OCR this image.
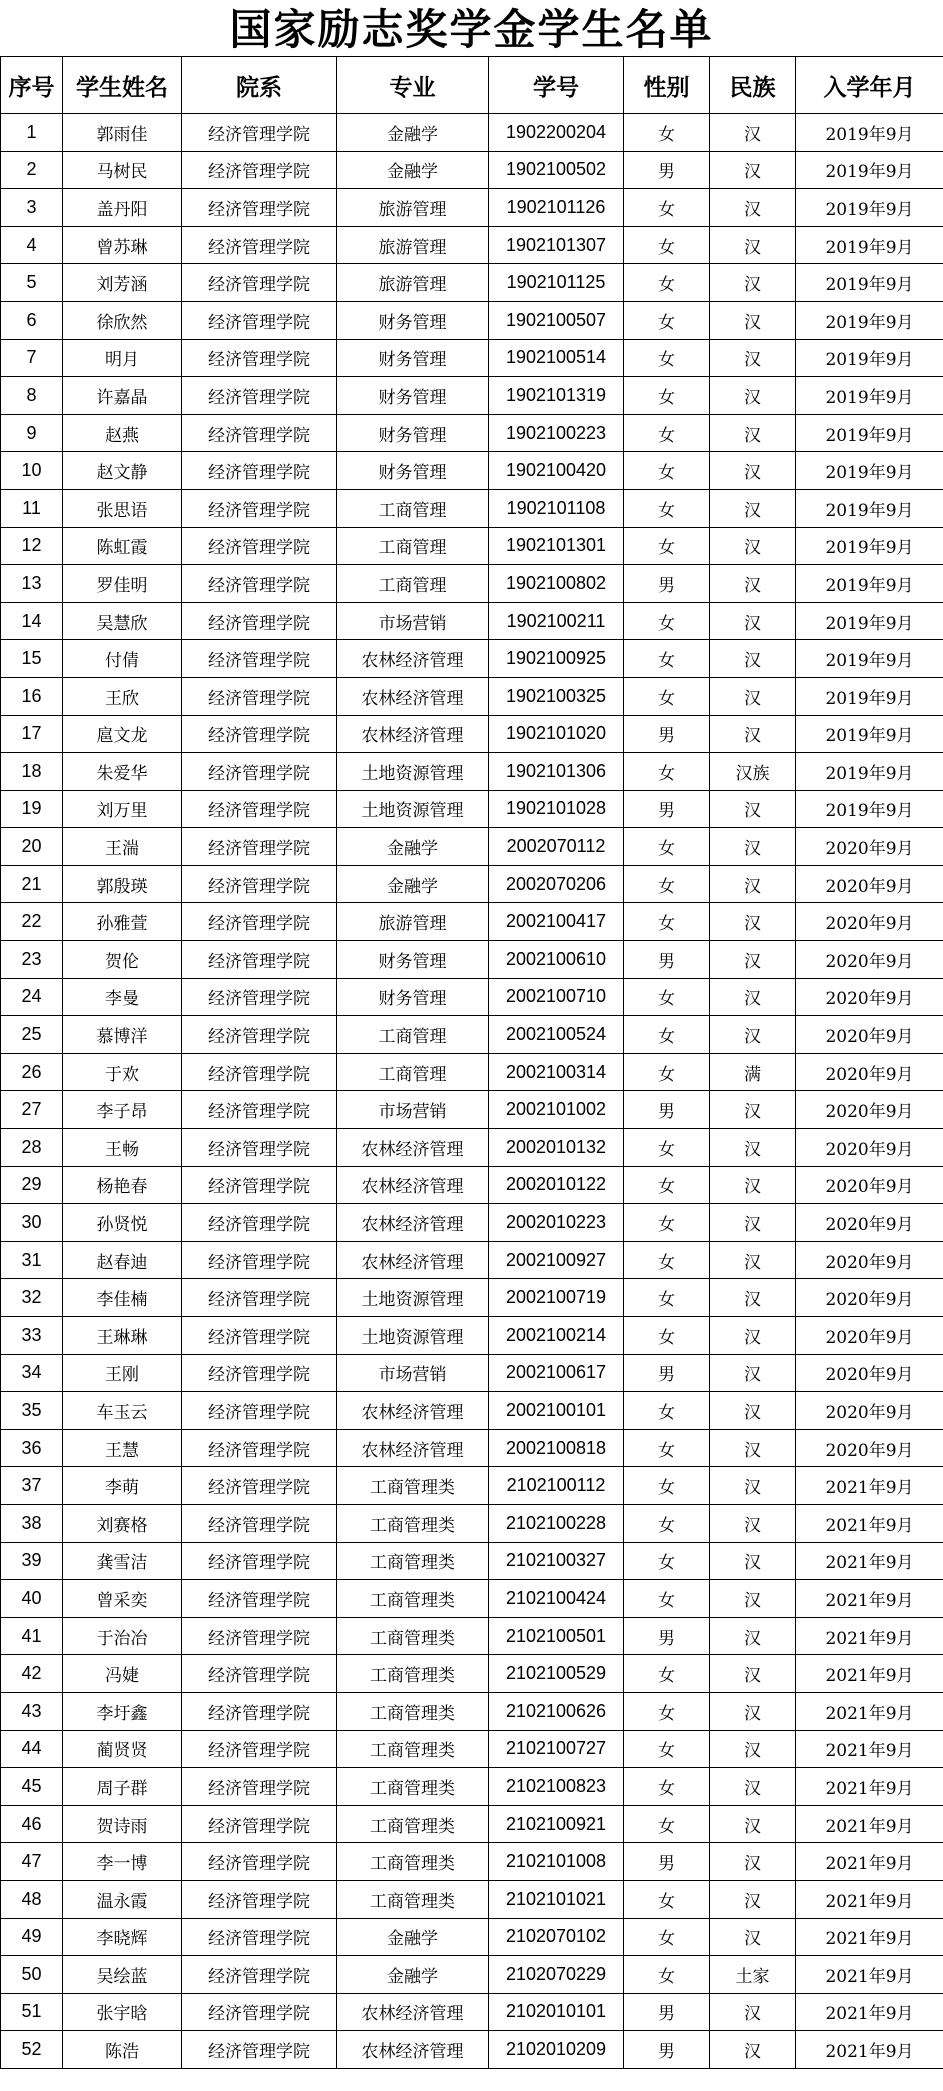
国家励志奖学金学生名单
序号	学生姓名	院系	专业	学号	性别	民族	入学年月
1	郭雨佳	经济管理学院	金融学	1902200204	女	汉	2019年9月
2	马树民	经济管理学院	金融学	1902100502	男	汉	2019年9月
3	盖丹阳	经济管理学院	旅游管理	1902101126	女	汉	2019年9月
4	曾苏琳	经济管理学院	旅游管理	1902101307	女	汉	2019年9月
5	刘芳涵	经济管理学院	旅游管理	1902101125	女	汉	2019年9月
6	徐欣然	经济管理学院	财务管理	1902100507	女	汉	2019年9月
7	明月	经济管理学院	财务管理	1902100514	女	汉	2019年9月
8	许嘉晶	经济管理学院	财务管理	1902101319	女	汉	2019年9月
9	赵燕	经济管理学院	财务管理	1902100223	女	汉	2019年9月
10	赵文静	经济管理学院	财务管理	1902100420	女	汉	2019年9月
11	张思语	经济管理学院	工商管理	1902101108	女	汉	2019年9月
12	陈虹霞	经济管理学院	工商管理	1902101301	女	汉	2019年9月
13	罗佳明	经济管理学院	工商管理	1902100802	男	汉	2019年9月
14	吴慧欣	经济管理学院	市场营销	1902100211	女	汉	2019年9月
15	付倩	经济管理学院	农林经济管理	1902100925	女	汉	2019年9月
16	王欣	经济管理学院	农林经济管理	1902100325	女	汉	2019年9月
17	扈文龙	经济管理学院	农林经济管理	1902101020	男	汉	2019年9月
18	朱爱华	经济管理学院	土地资源管理	1902101306	女	汉族	2019年9月
19	刘万里	经济管理学院	土地资源管理	1902101028	男	汉	2019年9月
20	王湍	经济管理学院	金融学	2002070112	女	汉	2020年9月
21	郭殷瑛	经济管理学院	金融学	2002070206	女	汉	2020年9月
22	孙雅萱	经济管理学院	旅游管理	2002100417	女	汉	2020年9月
23	贺伦	经济管理学院	财务管理	2002100610	男	汉	2020年9月
24	李曼	经济管理学院	财务管理	2002100710	女	汉	2020年9月
25	慕博洋	经济管理学院	工商管理	2002100524	女	汉	2020年9月
26	于欢	经济管理学院	工商管理	2002100314	女	满	2020年9月
27	李子昂	经济管理学院	市场营销	2002101002	男	汉	2020年9月
28	王畅	经济管理学院	农林经济管理	2002010132	女	汉	2020年9月
29	杨艳春	经济管理学院	农林经济管理	2002010122	女	汉	2020年9月
30	孙贤悦	经济管理学院	农林经济管理	2002010223	女	汉	2020年9月
31	赵春迪	经济管理学院	农林经济管理	2002100927	女	汉	2020年9月
32	李佳楠	经济管理学院	土地资源管理	2002100719	女	汉	2020年9月
33	王琳琳	经济管理学院	土地资源管理	2002100214	女	汉	2020年9月
34	王刚	经济管理学院	市场营销	2002100617	男	汉	2020年9月
35	车玉云	经济管理学院	农林经济管理	2002100101	女	汉	2020年9月
36	王慧	经济管理学院	农林经济管理	2002100818	女	汉	2020年9月
37	李萌	经济管理学院	工商管理类	2102100112	女	汉	2021年9月
38	刘赛格	经济管理学院	工商管理类	2102100228	女	汉	2021年9月
39	龚雪洁	经济管理学院	工商管理类	2102100327	女	汉	2021年9月
40	曾采奕	经济管理学院	工商管理类	2102100424	女	汉	2021年9月
41	于治冶	经济管理学院	工商管理类	2102100501	男	汉	2021年9月
42	冯婕	经济管理学院	工商管理类	2102100529	女	汉	2021年9月
43	李圩鑫	经济管理学院	工商管理类	2102100626	女	汉	2021年9月
44	蔺贤贤	经济管理学院	工商管理类	2102100727	女	汉	2021年9月
45	周子群	经济管理学院	工商管理类	2102100823	女	汉	2021年9月
46	贺诗雨	经济管理学院	工商管理类	2102100921	女	汉	2021年9月
47	李一博	经济管理学院	工商管理类	2102101008	男	汉	2021年9月
48	温永霞	经济管理学院	工商管理类	2102101021	女	汉	2021年9月
49	李晓辉	经济管理学院	金融学	2102070102	女	汉	2021年9月
50	吴绘蓝	经济管理学院	金融学	2102070229	女	土家	2021年9月
51	张宇晗	经济管理学院	农林经济管理	2102010101	男	汉	2021年9月
52	陈浩	经济管理学院	农林经济管理	2102010209	男	汉	2021年9月
